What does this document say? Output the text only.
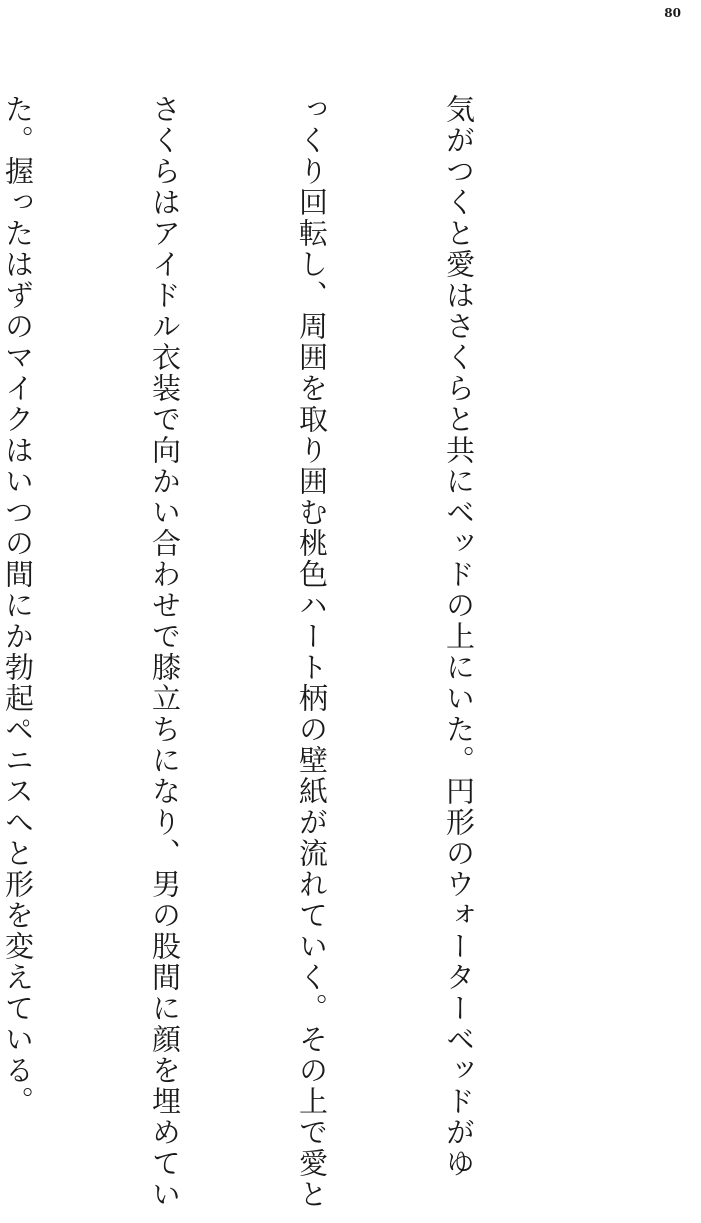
80

気がつくと愛はさくらと共にベッドの上にいた。円形のウォーターベッドがゆ

っくり回転し、周囲を取り囲む桃色ハート柄の壁紙が流れていく。その上で愛と

さくらはアイドル衣装で向かい合わせで膝立ちになり、男の股間に顔を埋めてい

た。握ったはずのマイクはいつの間にか勃起ペニスへと形を変えている。
